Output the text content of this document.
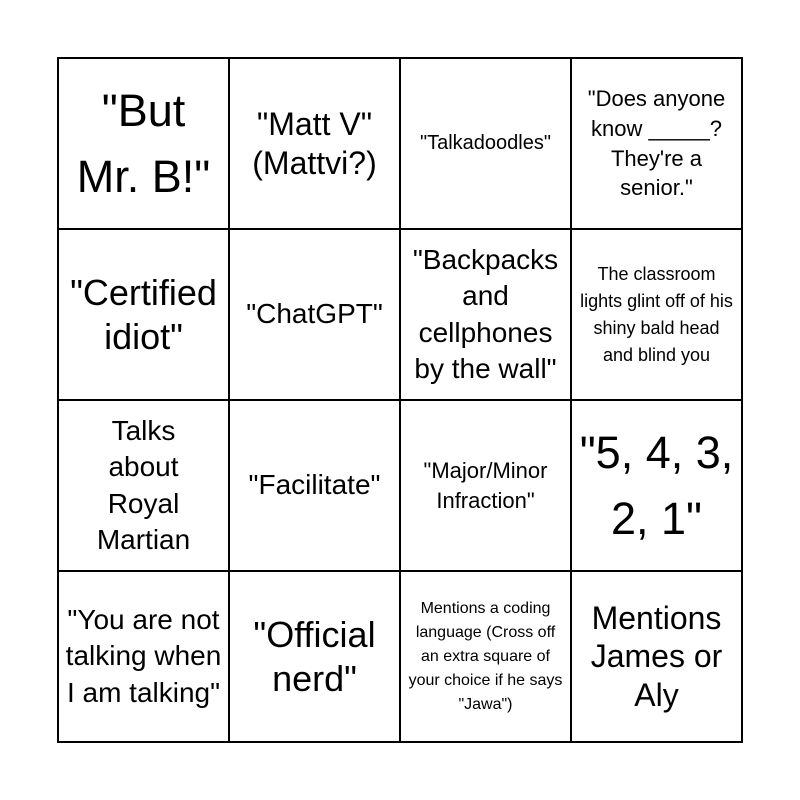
"But Mr. B!"
"Matt V" (Mattvi?)
"Talkadoodles"
"Does anyone know _____? They're a senior."
"Certified idiot"
"ChatGPT"
"Backpacks and cellphones by the wall"
The classroom lights glint off of his shiny bald head and blind you
Talks about Royal Martian
"Facilitate"	"Major/Minor Infraction"
"5, 4, 3, 2, 1"
"You are not talking when I am talking"
"Official nerd"
Mentions a coding language (Cross off an extra square of your choice if he says "Jawa")
Mentions James or Aly
